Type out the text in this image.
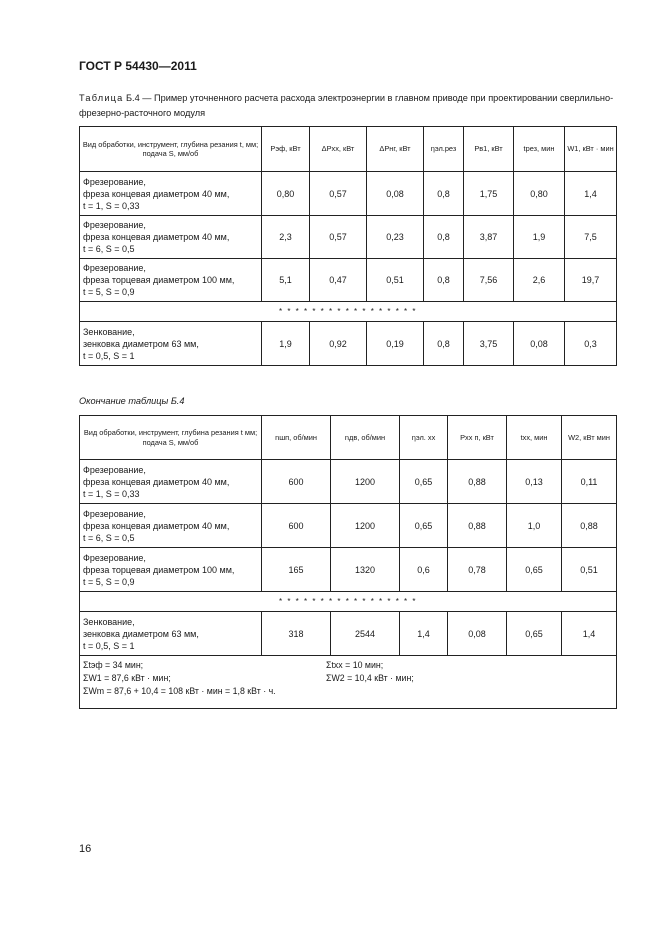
ГОСТ Р 54430—2011
Таблица Б.4 — Пример уточненного расчета расхода электроэнергии в главном приводе при проектировании сверлильно-фрезерно-расточного модуля
Вид обработки, инструмент, глубина резания t, мм; подача S, мм/об	Pэф, кВт	ΔPхх, кВт	ΔPнг, кВт	ηэл.рез	Pв1, кВт	tрез, мин	W1, кВт · мин

Фрезерование,
фреза концевая диаметром 40 мм,
t = 1, S = 0,33	0,80	0,57	0,08	0,8	1,75	0,80	1,4

Фрезерование,
фреза концевая диаметром 40 мм,
t = 6, S = 0,5	2,3	0,57	0,23	0,8	3,87	1,9	7,5

Фрезерование,
фреза торцевая диаметром 100 мм,
t = 5, S = 0,9	5,1	0,47	0,51	0,8	7,56	2,6	19,7
* * * * * * * * * * * * * * * * *							

Зенкование,
зенковка диаметром 63 мм,
t = 0,5, S = 1	1,9	0,92	0,19	0,8	3,75	0,08	0,3
Окончание таблицы Б.4
Вид обработки, инструмент, глубина резания t мм; подача S, мм/об	nшп, об/мин	nдв, об/мин	ηэл. хх	Pхх п, кВт	tхх, мин	W2, кВт мин

Фрезерование,
фреза концевая диаметром 40 мм,
t = 1, S = 0,33	600	1200	0,65	0,88	0,13	0,11

Фрезерование,
фреза концевая диаметром 40 мм,
t = 6, S = 0,5	600	1200	0,65	0,88	1,0	0,88

Фрезерование,
фреза торцевая диаметром 100 мм,
t = 5, S = 0,9	165	1320	0,6	0,78	0,65	0,51
* * * * * * * * * * * * * * * * *						

Зенкование,
зенковка диаметром 63 мм,
t = 0,5, S = 1	318	2544	1,4	0,08	0,65	1,4

Σtэф = 34 мин; Σtхх = 10 мин;
ΣW1 = 87,6 кВт · мин; ΣW2 = 10,4 кВт · мин;
ΣWm = 87,6 + 10,4 = 108 кВт · мин = 1,8 кВт · ч.						
16
